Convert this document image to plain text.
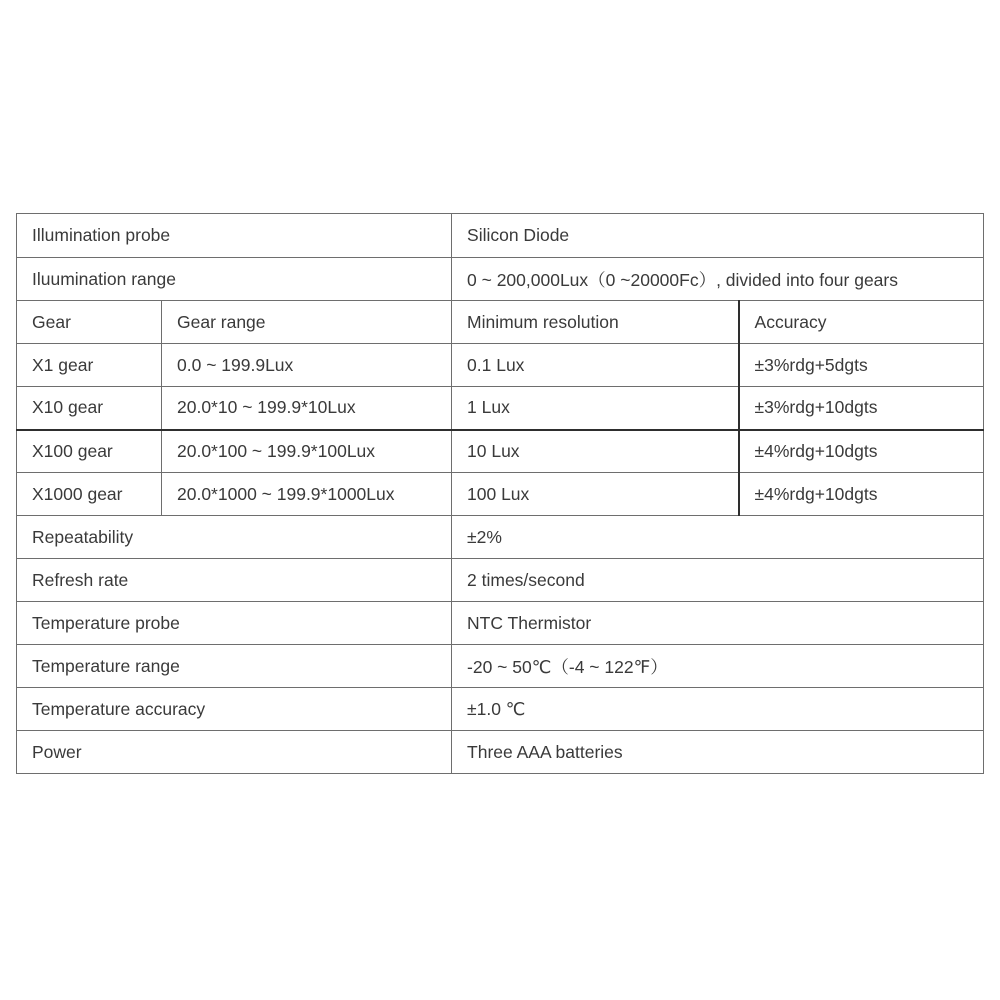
Illumination probe		Silicon Diode	
Iluumination range		0 ~ 200,000Lux（0 ~20000Fc）, divided into four gears	
Gear	Gear range	Minimum resolution	Accuracy
X1 gear	0.0 ~ 199.9Lux	0.1 Lux	±3%rdg+5dgts
X10 gear	20.0*10 ~ 199.9*10Lux	1 Lux	±3%rdg+10dgts
X100 gear	20.0*100 ~ 199.9*100Lux	10 Lux	±4%rdg+10dgts
X1000 gear	20.0*1000 ~ 199.9*1000Lux	100 Lux	±4%rdg+10dgts
Repeatability		±2%	
Refresh rate		2 times/second	
Temperature probe		NTC Thermistor	
Temperature range		-20 ~ 50℃（-4 ~ 122℉）	
Temperature accuracy		±1.0 ℃	
Power		Three AAA batteries	
